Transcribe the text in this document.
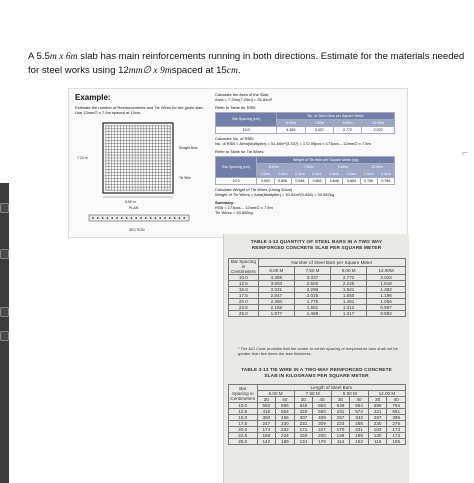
⌐
A 5.5m x 6m slab has main reinforcements running in both directions. Estimate for the materials needed for steel works using 12mm∅ x 9mspaced at 15cm.
Example:
Estimate the number of Reinforcements and Tie Wires for the given slab. Use 12mm∅ x 7.5m spaced at 10cm.
5.00 m
7.20 m
Straight Bars
Tie Wire
PLAN
SECTION
Calculate the Area of the Slab:
Area = 7.20m(7.20m) = 51.84m²
Refer to Table for RSB:
Bar Spacing (cm)	No. of Steel Bars per Square Meter			
	6.00m	7.50m	9.00m	12.00m
10.0	4.369	3.337	2.772	2.022
Calculate No. of RSB:
No. of RSB = Area(Multiplier) = 51.84m²(3.337) = 172.99pcs ≈ 173pcs – 12mm∅ x 7.5m
Refer to Table for Tie Wires:
Bar Spacing (cm)	Weight of Tie Wire per Square Meter (kg)							
	6.00m		7.50m		9.00m		12.00m	
	0.3cm	0.4cm	0.3cm	0.4cm	0.3cm	0.4cm	0.3cm	0.4cm
10.0	0.592	0.806	0.648	0.863	0.648	0.864	0.756	0.784
Calculate Weight of Tie Wires (Using 30cm)
Weight of Tie Wires = Area(Multiplier) = 51.84m²(0.648) = 33.592kg
Summary:
RSB = 173pcs – 12mm∅ x 7.5m
Tie Wires = 33.592kg
TABLE 3-12 QUANTITY OF STEEL BARS IN A TWO WAY REINFORCED CONCRETE SLAB PER SQUARE METER
Bar Spacing in Centimeters	Number of Steel Bars per Square Meter			
	6.00 M	7.50 M	9.00 M	12.00M
10.0	4.369	3.337	2.772	2.022
12.5	3.603	2.602	2.245	1.618
15.0	3.221	2.296	1.921	1.382
17.5	2.847	2.025	1.650	1.196
20.0	2.360	1.775	1.461	1.056
22.5	2.168	1.551	1.312	0.967
25.0	1.977	1.488	1.217	0.882
* The ACI Code provides that the center to center spacing of temperature bars shall not be greater than five times the slab thickness.
TABLE 3-13 TIE WIRE IN A TWO-WAY REINFORCED CONCRETE SLAB IN KILOGRAMS PER SQUARE METER
Bar Spacing in Centimeters	Length of Steel Bars							
	6.00 M		7.50 M		9.00 M		12.00 M	
	30	40	30	40	30	40	30	40
10.0	592	896	648	863	648	864	596	784
12.5	418	554	420	560	431	574	421	561
15.0	350	466	307	409	257	343	297	395
17.5	247	330	231	309	223	258	230	276
20.0	174	232	171	227	170	231	163	173
22.5	168	224	150	200	148	198	130	173
25.0	142	189	134	178	114	152	116	155
